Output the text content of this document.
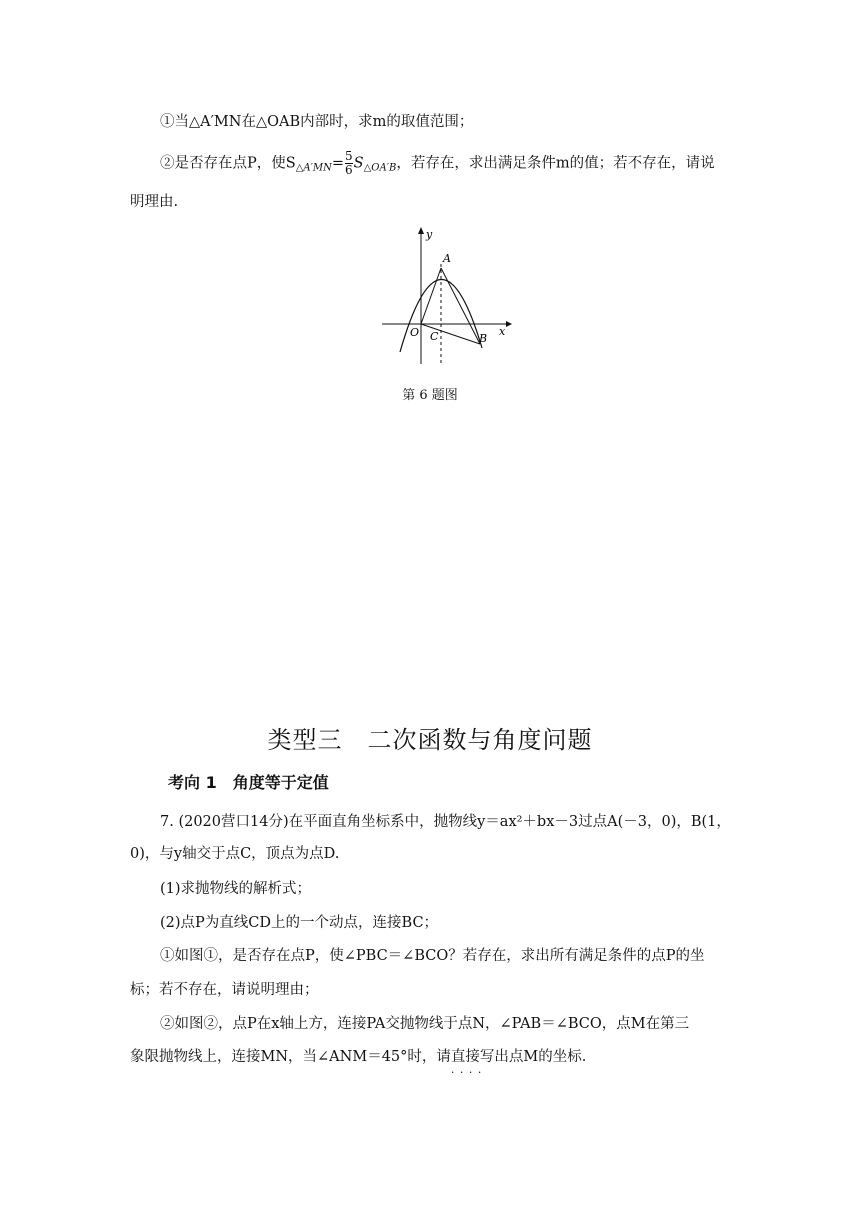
①当△A′MN在△OAB内部时，求m的取值范围；
②是否存在点P，使$S_{\triangle A'MN}= \frac{5}{6} S_{\triangle OA'B}$，若存在，求出满足条件m的值；若不存在，请说
明理由.
y
x
A
O C	B
第 6 题图
类型三　二次函数与角度问题
考向 1　角度等于定值
7. (2020营口14分)在平面直角坐标系中，抛物线y＝ax²＋bx－3过点A(－3，0)，B(1，
0)，与y轴交于点C，顶点为点D.
(1)求抛物线的解析式；
(2)点P为直线CD上的一个动点，连接BC；
①如图①，是否存在点P，使∠PBC＝∠BCO？若存在，求出所有满足条件的点P的坐
标；若不存在，请说明理由；
②如图②，点P在x轴上方，连接PA交抛物线于点N，∠PAB＝∠BCO，点M在第三
象限抛物线上，连接MN，当∠ANM＝45°时，请直接写出 · · · ·点M的坐标.
